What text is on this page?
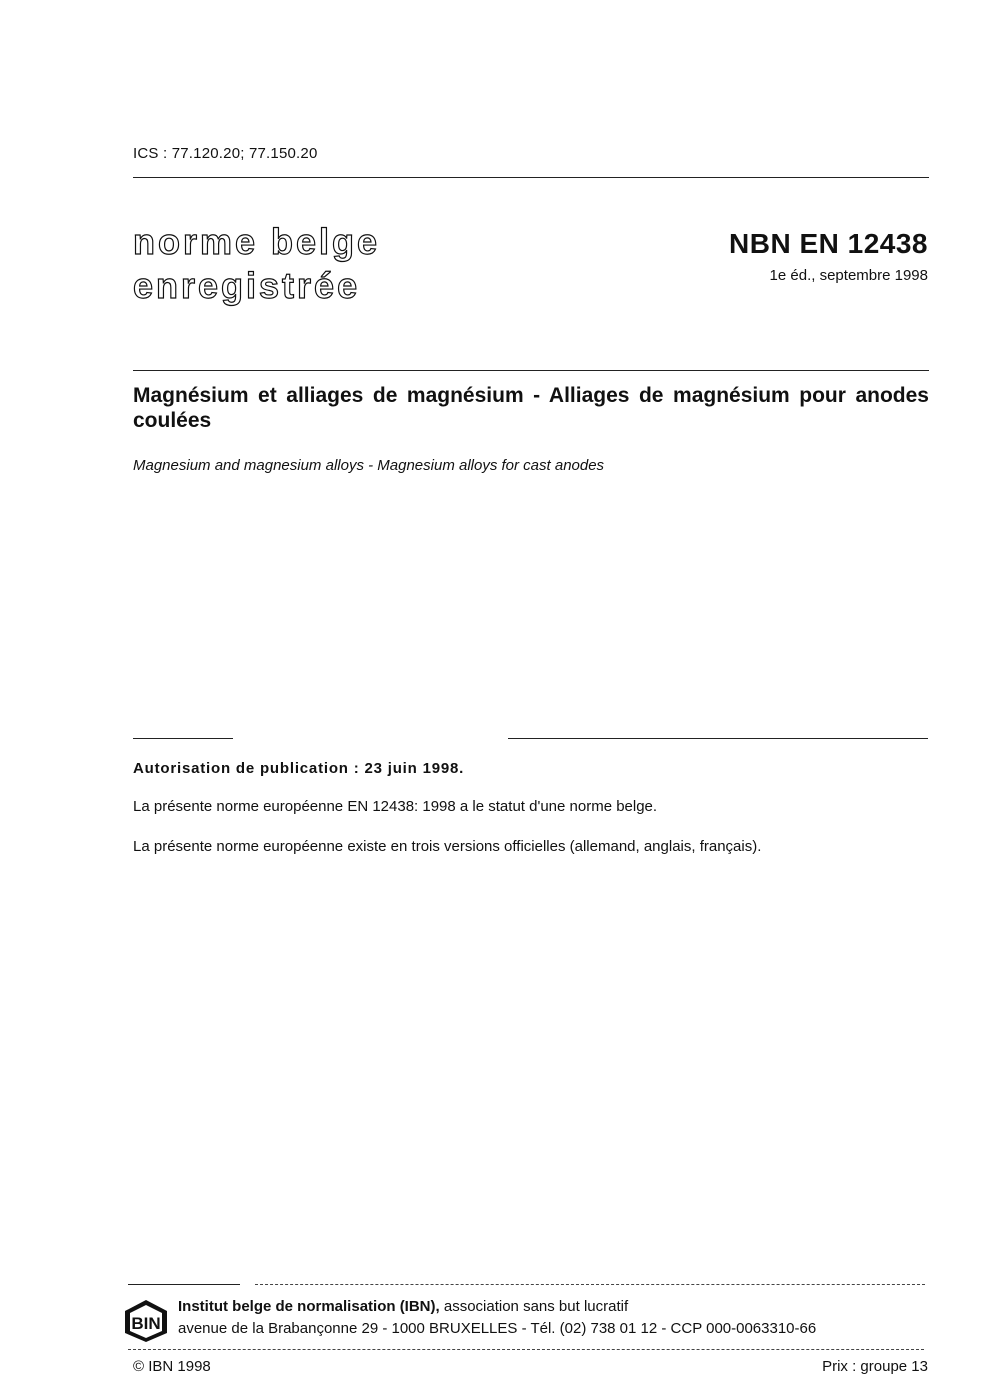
ICS : 77.120.20; 77.150.20
norme belge
enregistrée
NBN EN 12438
1e éd., septembre 1998
Magnésium et alliages de magnésium - Alliages de magnésium pour anodes coulées
Magnesium and magnesium alloys - Magnesium alloys for cast anodes
Autorisation de publication : 23 juin 1998.
La présente norme européenne EN 12438: 1998 a le statut d'une norme belge.
La présente norme européenne existe en trois versions officielles (allemand, anglais, français).
BIN
Institut belge de normalisation (IBN), association sans but lucratif
avenue de la Brabançonne 29 - 1000 BRUXELLES - Tél. (02) 738 01 12 - CCP 000-0063310-66
© IBN 1998	Prix : groupe 13
